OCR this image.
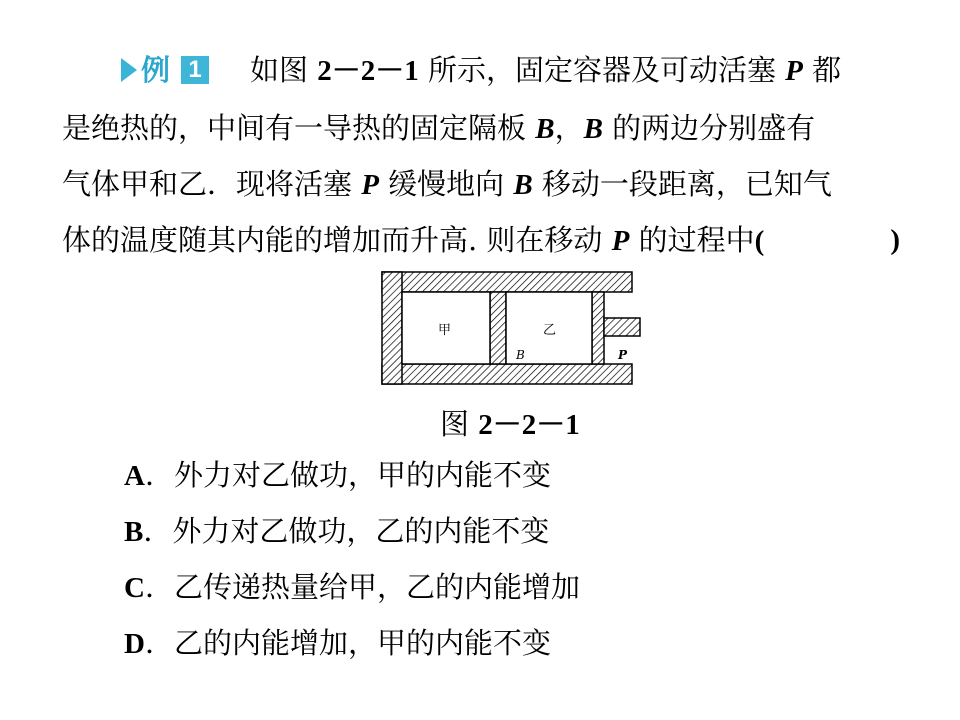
例 1 如图 2－2－1 所示，固定容器及可动活塞 P 都
是绝热的，中间有一导热的固定隔板 B，B 的两边分别盛有
气体甲和乙．现将活塞 P 缓慢地向 B 移动一段距离，已知气
体的温度随其内能的增加而升高. 则在移动 P 的过程中(	)
甲	乙
B	P
图 2－2－1
A．外力对乙做功，甲的内能不变
B．外力对乙做功，乙的内能不变
C．乙传递热量给甲，乙的内能增加
D．乙的内能增加，甲的内能不变
